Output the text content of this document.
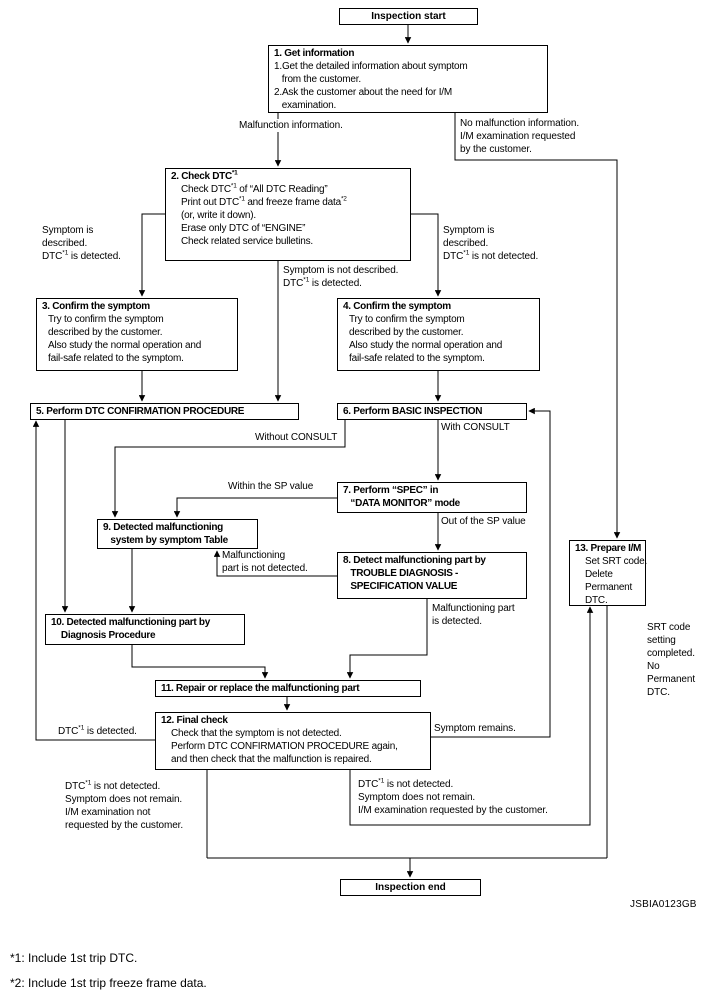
Inspection start
Inspection end
1. Get information
1.Get the detailed information about symptom
from the customer.
2.Ask the customer about the need for I/M
examination.
2. Check DTC$^{*1}$
Check DTC$^{*1}$ of “All DTC Reading”
Print out DTC$^{*1}$ and freeze frame data$^{*2}$
(or, write it down).
Erase only DTC of “ENGINE”
Check related service bulletins.
3. Confirm the symptom
Try to confirm the symptom
described by the customer.
Also study the normal operation and
fail-safe related to the symptom.
4. Confirm the symptom
Try to confirm the symptom
described by the customer.
Also study the normal operation and
fail-safe related to the symptom.
5. Perform DTC CONFIRMATION PROCEDURE	6. Perform BASIC INSPECTION
7. Perform “SPEC” in
“DATA MONITOR” mode
9. Detected malfunctioning
system by symptom Table
8. Detect malfunctioning part by
TROUBLE DIAGNOSIS -
SPECIFICATION VALUE
13. Prepare I/M
Set SRT code.
Delete
Permanent
DTC.
10. Detected malfunctioning part by
Diagnosis Procedure
11. Repair or replace the malfunctioning part
12. Final check
Check that the symptom is not detected.
Perform DTC CONFIRMATION PROCEDURE again,
and then check that the malfunction is repaired.
Malfunction information.	No malfunction information.
I/M examination requested
by the customer.
Symptom is
described.
DTC$^{*1}$ is detected.
Symptom is
described.
DTC$^{*1}$ is not detected.
Symptom is not described.
DTC$^{*1}$ is detected.
Without CONSULT
With CONSULT
Within the SP value
Out of the SP value
Malfunctioning
part is not detected.
Malfunctioning part
is detected.
SRT code
setting
completed.
No
Permanent
DTC.
DTC$^{*1}$ is detected.	Symptom remains.
DTC$^{*1}$ is not detected.
Symptom does not remain.
I/M examination not
requested by the customer.
DTC$^{*1}$ is not detected.
Symptom does not remain.
I/M examination requested by the customer.
JSBIA0123GB
*1: Include 1st trip DTC.
*2: Include 1st trip freeze frame data.
